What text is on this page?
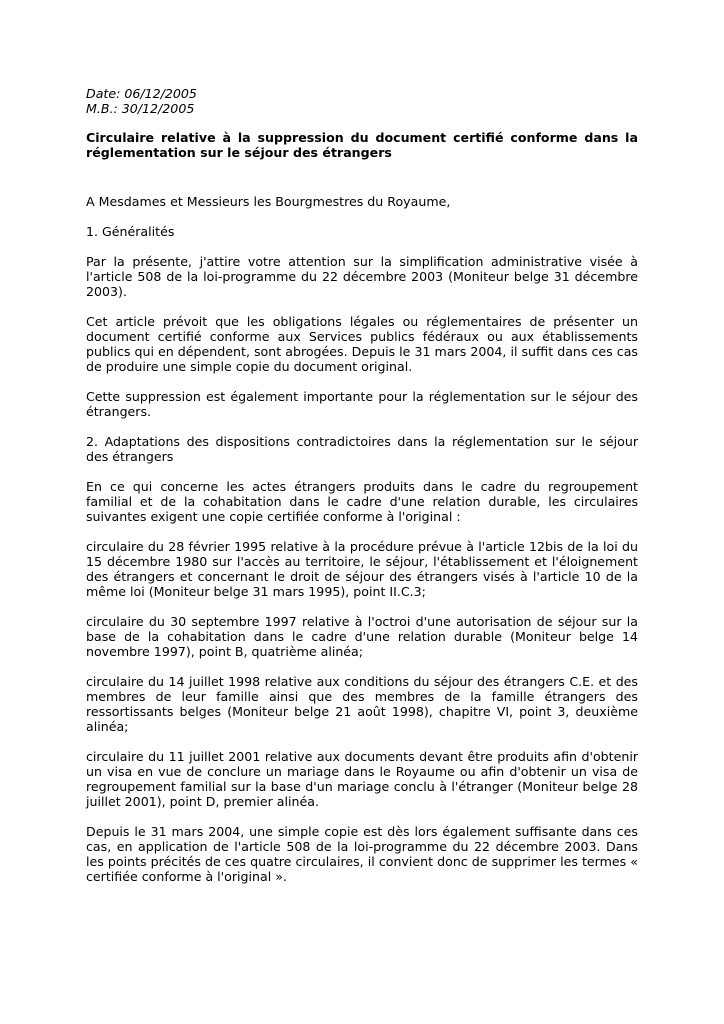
Date: 06/12/2005

M.B.: 30/12/2005

Circulaire relative à la suppression du document certifié conforme dans la réglementation sur le séjour des étrangers

A Mesdames et Messieurs les Bourgmestres du Royaume,

1. Généralités

Par la présente, j'attire votre attention sur la simplification administrative visée à l'article 508 de la loi-programme du 22 décembre 2003 (Moniteur belge 31 décembre 2003).

Cet article prévoit que les obligations légales ou réglementaires de présenter un document certifié conforme aux Services publics fédéraux ou aux établissements publics qui en dépendent, sont abrogées. Depuis le 31 mars 2004, il suffit dans ces cas de produire une simple copie du document original.

Cette suppression est également importante pour la réglementation sur le séjour des étrangers.

2. Adaptations des dispositions contradictoires dans la réglementation sur le séjour des étrangers

En ce qui concerne les actes étrangers produits dans le cadre du regroupement familial et de la cohabitation dans le cadre d'une relation durable, les circulaires suivantes exigent une copie certifiée conforme à l'original :

circulaire du 28 février 1995 relative à la procédure prévue à l'article 12bis de la loi du 15 décembre 1980 sur l'accès au territoire, le séjour, l'établissement et l'éloignement des étrangers et concernant le droit de séjour des étrangers visés à l'article 10 de la même loi (Moniteur belge 31 mars 1995), point II.C.3;

circulaire du 30 septembre 1997 relative à l'octroi d'une autorisation de séjour sur la base de la cohabitation dans le cadre d'une relation durable (Moniteur belge 14 novembre 1997), point B, quatrième alinéa;

circulaire du 14 juillet 1998 relative aux conditions du séjour des étrangers C.E. et des membres de leur famille ainsi que des membres de la famille étrangers des ressortissants belges (Moniteur belge 21 août 1998), chapitre VI, point 3, deuxième alinéa;

circulaire du 11 juillet 2001 relative aux documents devant être produits afin d'obtenir un visa en vue de conclure un mariage dans le Royaume ou afin d'obtenir un visa de regroupement familial sur la base d'un mariage conclu à l'étranger (Moniteur belge 28 juillet 2001), point D, premier alinéa.

Depuis le 31 mars 2004, une simple copie est dès lors également suffisante dans ces cas, en application de l'article 508 de la loi-programme du 22 décembre 2003. Dans les points précités de ces quatre circulaires, il convient donc de supprimer les termes « certifiée conforme à l'original ».
